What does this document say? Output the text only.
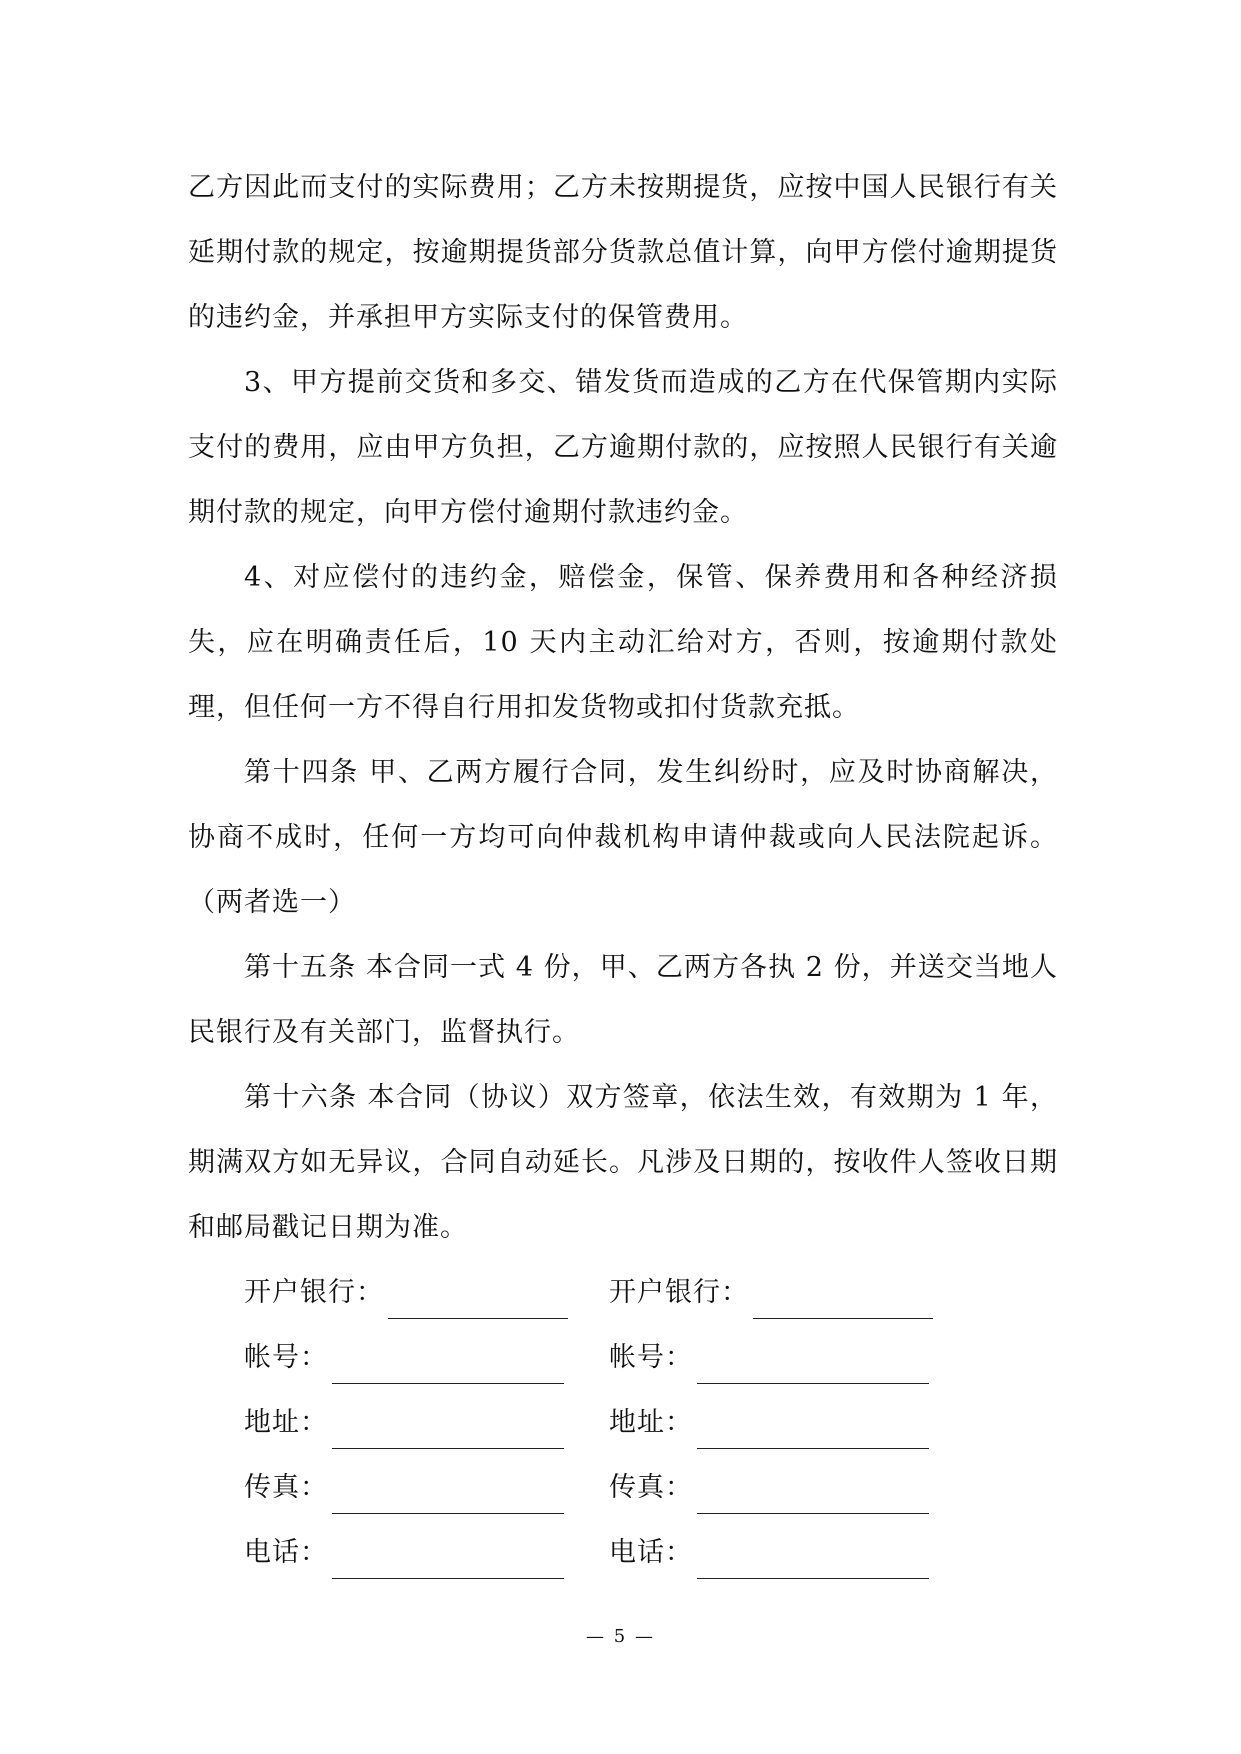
乙方因此而支付的实际费用；乙方未按期提货，应按中国人民银行有关延期付款的规定，按逾期提货部分货款总值计算，向甲方偿付逾期提货的违约金，并承担甲方实际支付的保管费用。

3、甲方提前交货和多交、错发货而造成的乙方在代保管期内实际支付的费用，应由甲方负担，乙方逾期付款的，应按照人民银行有关逾期付款的规定，向甲方偿付逾期付款违约金。

4、对应偿付的违约金，赔偿金，保管、保养费用和各种经济损失，应在明确责任后，10 天内主动汇给对方，否则，按逾期付款处理，但任何一方不得自行用扣发货物或扣付货款充抵。

第十四条 甲、乙两方履行合同，发生纠纷时，应及时协商解决，协商不成时，任何一方均可向仲裁机构申请仲裁或向人民法院起诉。（两者选一）

第十五条 本合同一式 4 份，甲、乙两方各执 2 份，并送交当地人民银行及有关部门，监督执行。

第十六条 本合同（协议）双方签章，依法生效，有效期为 1 年，期满双方如无异议，合同自动延长。凡涉及日期的，按收件人签收日期和邮局戳记日期为准。

开户银行：	开户银行：
帐号：	帐号：
地址：	地址：
传真：	传真：
电话：	电话：
— 5 —
